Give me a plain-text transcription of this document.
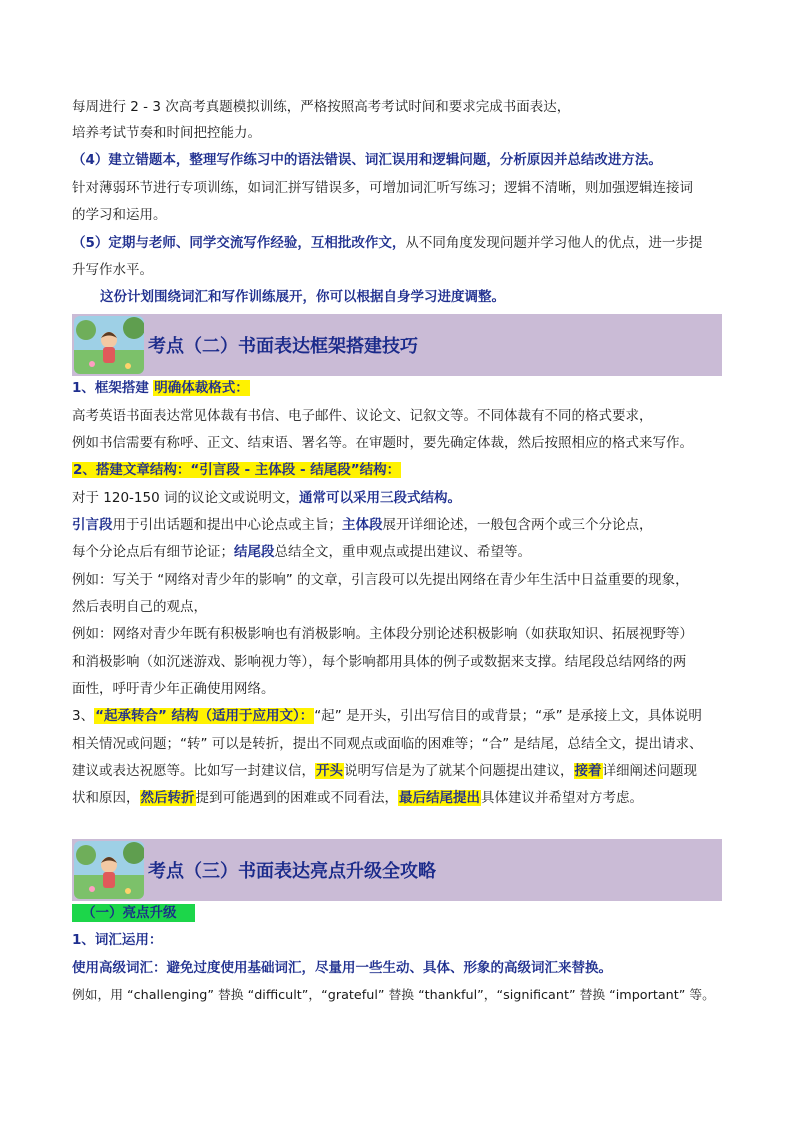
每周进行 2 - 3 次高考真题模拟训练，严格按照高考考试时间和要求完成书面表达，
培养考试节奏和时间把控能力。
（4）建立错题本，整理写作练习中的语法错误、词汇误用和逻辑问题，分析原因并总结改进方法。
针对薄弱环节进行专项训练，如词汇拼写错误多，可增加词汇听写练习；逻辑不清晰，则加强逻辑连接词
的学习和运用。
（5）定期与老师、同学交流写作经验，互相批改作文，从不同角度发现问题并学习他人的优点，进一步提
升写作水平。
这份计划围绕词汇和写作训练展开，你可以根据自身学习进度调整。
考点（二）书面表达框架搭建技巧
1、框架搭建 明确体裁格式：
高考英语书面表达常见体裁有书信、电子邮件、议论文、记叙文等。不同体裁有不同的格式要求，
例如书信需要有称呼、正文、结束语、署名等。在审题时，要先确定体裁，然后按照相应的格式来写作。
2、搭建文章结构：“引言段 - 主体段 - 结尾段”结构：
对于 120-150 词的议论文或说明文，通常可以采用三段式结构。
引言段用于引出话题和提出中心论点或主旨；主体段展开详细论述，一般包含两个或三个分论点，
每个分论点后有细节论证；结尾段总结全文，重申观点或提出建议、希望等。
例如：写关于 “网络对青少年的影响” 的文章，引言段可以先提出网络在青少年生活中日益重要的现象，
然后表明自己的观点，
例如：网络对青少年既有积极影响也有消极影响。主体段分别论述积极影响（如获取知识、拓展视野等）
和消极影响（如沉迷游戏、影响视力等），每个影响都用具体的例子或数据来支撑。结尾段总结网络的两
面性，呼吁青少年正确使用网络。
3、“起承转合” 结构（适用于应用文）：“起” 是开头，引出写信目的或背景；“承” 是承接上文，具体说明
相关情况或问题；“转” 可以是转折，提出不同观点或面临的困难等；“合” 是结尾，总结全文，提出请求、
建议或表达祝愿等。比如写一封建议信，开头说明写信是为了就某个问题提出建议，接着详细阐述问题现
状和原因，然后转折提到可能遇到的困难或不同看法，最后结尾提出具体建议并希望对方考虑。
考点（三）书面表达亮点升级全攻略
（一）亮点升级
1、词汇运用：
使用高级词汇：避免过度使用基础词汇，尽量用一些生动、具体、形象的高级词汇来替换。
例如，用 “challenging” 替换 “difficult”，“grateful” 替换 “thankful”，“significant” 替换 “important” 等。
